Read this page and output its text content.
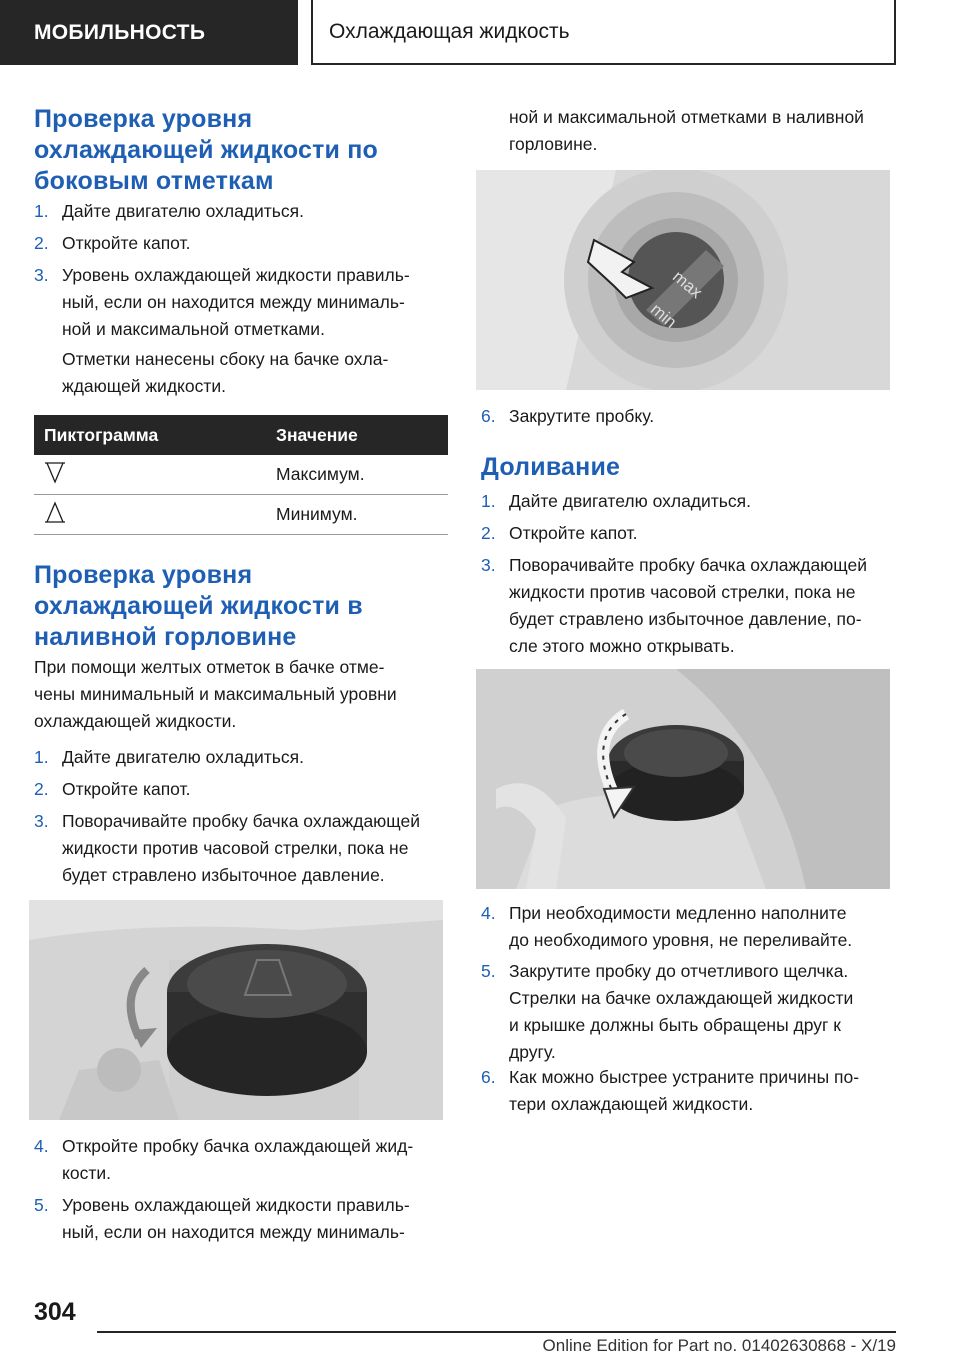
МОБИЛЬНОСТЬ	Охлаждающая жидкость
Проверка уровня
охлаждающей жидкости по
боковым отметкам
1. Дайте двигателю охладиться.
2. Откройте капот.
3. Уровень охлаждающей жидкости правиль-
ный, если он находится между минималь-
ной и максимальной отметками.
Отметки нанесены сбоку на бачке охла-
ждающей жидкости.
Пиктограмма	Значение
	Максимум.
	Минимум.
Проверка уровня
охлаждающей жидкости в
наливной горловине
При помощи желтых отметок в бачке отме-
чены минимальный и максимальный уровни
охлаждающей жидкости.
1. Дайте двигателю охладиться.
2. Откройте капот.
3. Поворачивайте пробку бачка охлаждающей
жидкости против часовой стрелки, пока не
будет стравлено избыточное давление.
4. Откройте пробку бачка охлаждающей жид-
кости.
5. Уровень охлаждающей жидкости правиль-
ный, если он находится между минималь-
ной и максимальной отметками в наливной
горловине.
max
min
6. Закрутите пробку.
Доливание
1. Дайте двигателю охладиться.
2. Откройте капот.
3. Поворачивайте пробку бачка охлаждающей
жидкости против часовой стрелки, пока не
будет стравлено избыточное давление, по-
сле этого можно открывать.
4. При необходимости медленно наполните
до необходимого уровня, не переливайте.
5. Закрутите пробку до отчетливого щелчка.
Стрелки на бачке охлаждающей жидкости
и крышке должны быть обращены друг к
другу.
6. Как можно быстрее устраните причины по-
тери охлаждающей жидкости.
304
Online Edition for Part no. 01402630868 - X/19
